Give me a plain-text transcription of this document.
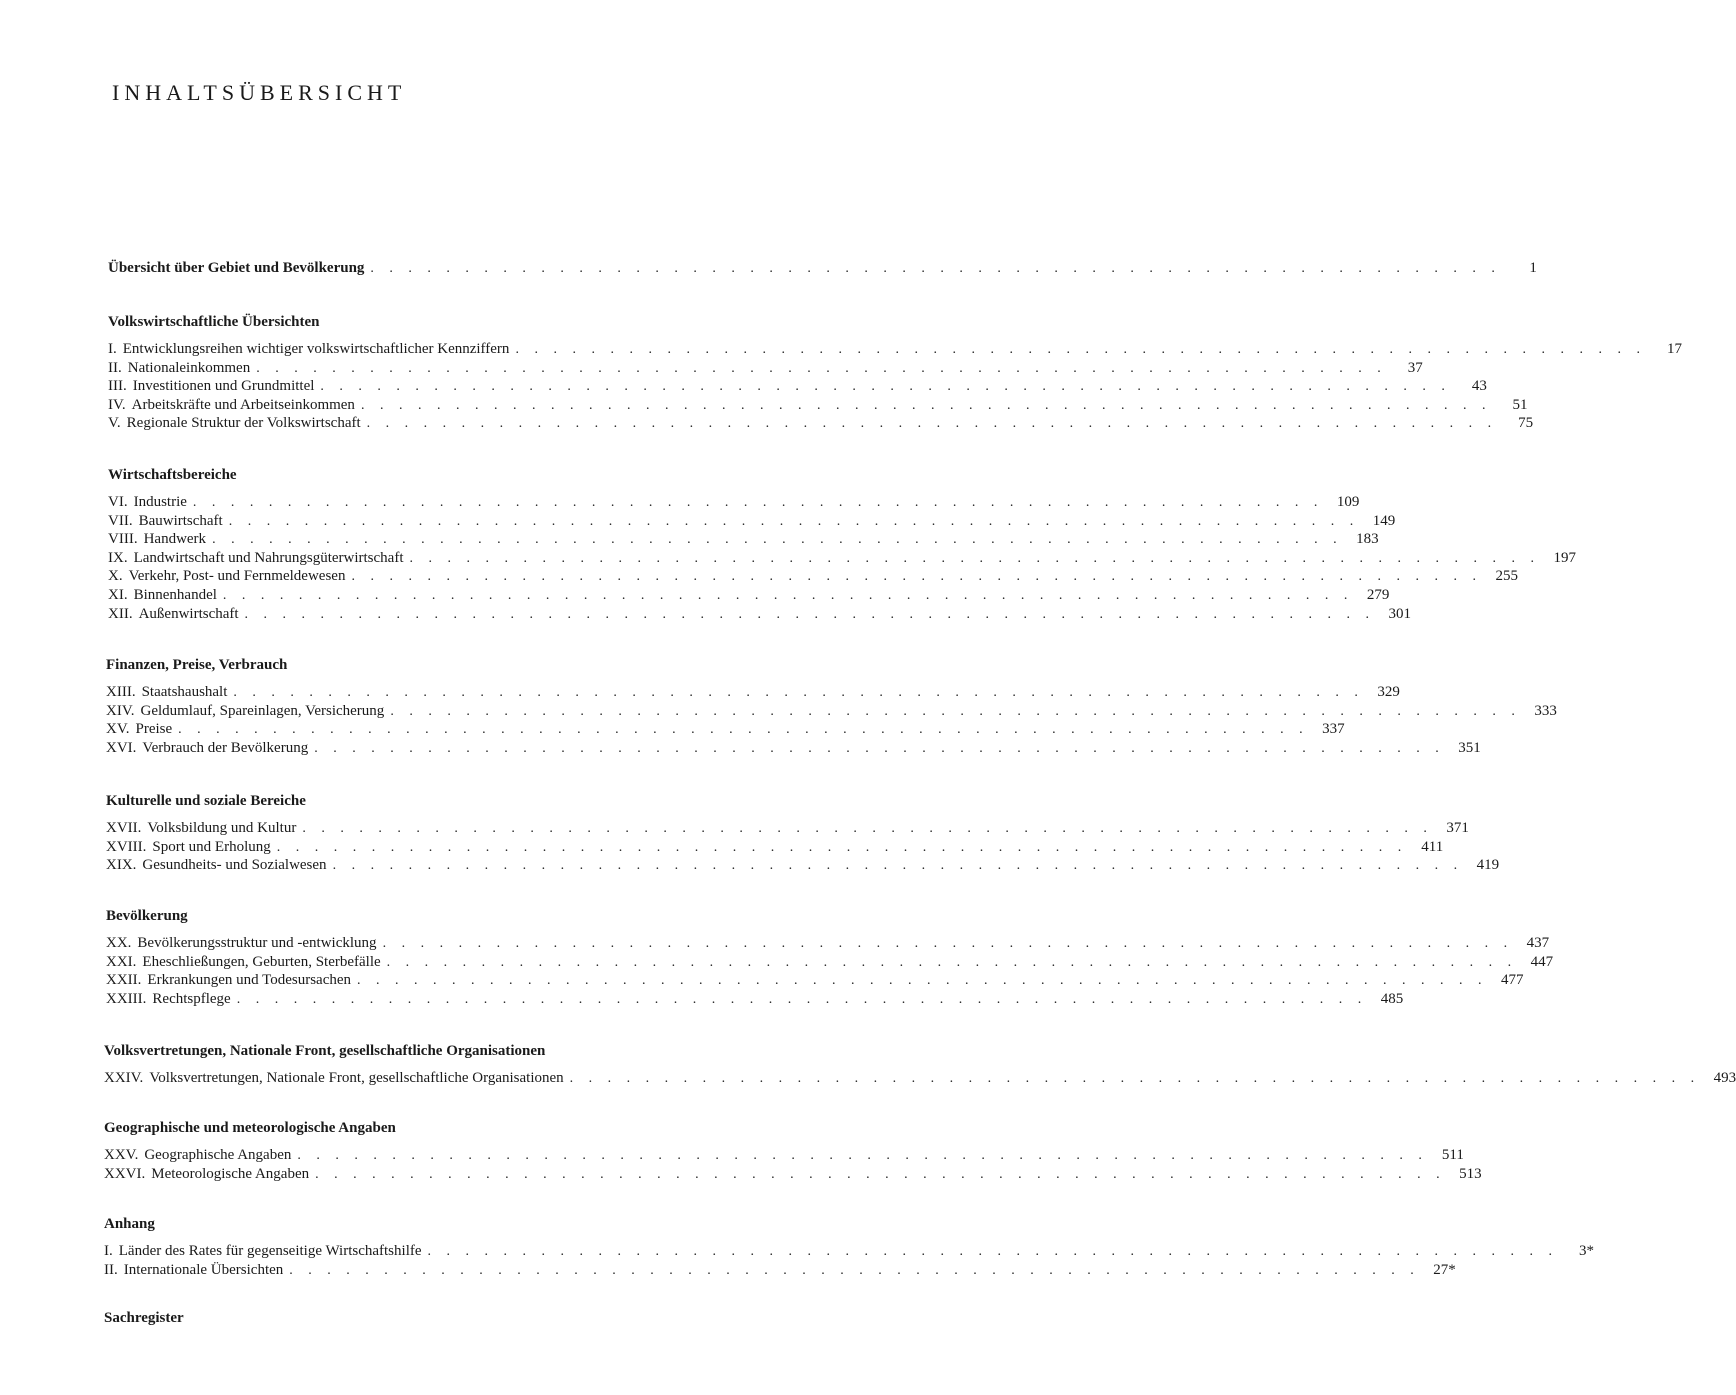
INHALTSÜBERSICHT
Übersicht über Gebiet und Bevölkerung . . . . . . . . . . . . . . . . . . . . . . . . . . . . . . . . . . . . . . . . . . . . . . . . . . . . . . . . . . . .	1
Volkswirtschaftliche Übersichten
I. Entwicklungsreihen wichtiger volkswirtschaftlicher Kennziffern . . . . . . . . . . . . . . . . . . . . . . . . . . . . . . . . . . . . . . . . . . . . . . . . . . . . . . . . . . . .	17
II. Nationaleinkommen . . . . . . . . . . . . . . . . . . . . . . . . . . . . . . . . . . . . . . . . . . . . . . . . . . . . . . . . . . . .	37
III. Investitionen und Grundmittel . . . . . . . . . . . . . . . . . . . . . . . . . . . . . . . . . . . . . . . . . . . . . . . . . . . . . . . . . . . .	43
IV. Arbeitskräfte und Arbeitseinkommen . . . . . . . . . . . . . . . . . . . . . . . . . . . . . . . . . . . . . . . . . . . . . . . . . . . . . . . . . . . .	51
V. Regionale Struktur der Volkswirtschaft . . . . . . . . . . . . . . . . . . . . . . . . . . . . . . . . . . . . . . . . . . . . . . . . . . . . . . . . . . . .	75
Wirtschaftsbereiche
VI. Industrie . . . . . . . . . . . . . . . . . . . . . . . . . . . . . . . . . . . . . . . . . . . . . . . . . . . . . . . . . . . . 109
VII. Bauwirtschaft . . . . . . . . . . . . . . . . . . . . . . . . . . . . . . . . . . . . . . . . . . . . . . . . . . . . . . . . . . . . 149
VIII. Handwerk . . . . . . . . . . . . . . . . . . . . . . . . . . . . . . . . . . . . . . . . . . . . . . . . . . . . . . . . . . . . 183
IX. Landwirtschaft und Nahrungsgüterwirtschaft . . . . . . . . . . . . . . . . . . . . . . . . . . . . . . . . . . . . . . . . . . . . . . . . . . . . . . . . . . . . 197
X. Verkehr, Post- und Fernmeldewesen . . . . . . . . . . . . . . . . . . . . . . . . . . . . . . . . . . . . . . . . . . . . . . . . . . . . . . . . . . . . 255
XI. Binnenhandel . . . . . . . . . . . . . . . . . . . . . . . . . . . . . . . . . . . . . . . . . . . . . . . . . . . . . . . . . . . . 279
XII. Außenwirtschaft . . . . . . . . . . . . . . . . . . . . . . . . . . . . . . . . . . . . . . . . . . . . . . . . . . . . . . . . . . . . 301
Finanzen, Preise, Verbrauch
XIII. Staatshaushalt . . . . . . . . . . . . . . . . . . . . . . . . . . . . . . . . . . . . . . . . . . . . . . . . . . . . . . . . . . . . 329
XIV. Geldumlauf, Spareinlagen, Versicherung . . . . . . . . . . . . . . . . . . . . . . . . . . . . . . . . . . . . . . . . . . . . . . . . . . . . . . . . . . . . 333
XV. Preise . . . . . . . . . . . . . . . . . . . . . . . . . . . . . . . . . . . . . . . . . . . . . . . . . . . . . . . . . . . . 337
XVI. Verbrauch der Bevölkerung . . . . . . . . . . . . . . . . . . . . . . . . . . . . . . . . . . . . . . . . . . . . . . . . . . . . . . . . . . . . 351
Kulturelle und soziale Bereiche
XVII. Volksbildung und Kultur . . . . . . . . . . . . . . . . . . . . . . . . . . . . . . . . . . . . . . . . . . . . . . . . . . . . . . . . . . . . 371
XVIII. Sport und Erholung . . . . . . . . . . . . . . . . . . . . . . . . . . . . . . . . . . . . . . . . . . . . . . . . . . . . . . . . . . . . 411
XIX. Gesundheits- und Sozialwesen . . . . . . . . . . . . . . . . . . . . . . . . . . . . . . . . . . . . . . . . . . . . . . . . . . . . . . . . . . . . 419
Bevölkerung
XX. Bevölkerungsstruktur und -entwicklung . . . . . . . . . . . . . . . . . . . . . . . . . . . . . . . . . . . . . . . . . . . . . . . . . . . . . . . . . . . . 437
XXI. Eheschließungen, Geburten, Sterbefälle . . . . . . . . . . . . . . . . . . . . . . . . . . . . . . . . . . . . . . . . . . . . . . . . . . . . . . . . . . . . 447
XXII. Erkrankungen und Todesursachen . . . . . . . . . . . . . . . . . . . . . . . . . . . . . . . . . . . . . . . . . . . . . . . . . . . . . . . . . . . . 477
XXIII. Rechtspflege . . . . . . . . . . . . . . . . . . . . . . . . . . . . . . . . . . . . . . . . . . . . . . . . . . . . . . . . . . . . 485
Volksvertretungen, Nationale Front, gesellschaftliche Organisationen
XXIV. Volksvertretungen, Nationale Front, gesellschaftliche Organisationen . . . . . . . . . . . . . . . . . . . . . . . . . . . . . . . . . . . . . . . . . . . . . . . . . . . . . . . . . . . . 493
Geographische und meteorologische Angaben
XXV. Geographische Angaben . . . . . . . . . . . . . . . . . . . . . . . . . . . . . . . . . . . . . . . . . . . . . . . . . . . . . . . . . . . . 511
XXVI. Meteorologische Angaben . . . . . . . . . . . . . . . . . . . . . . . . . . . . . . . . . . . . . . . . . . . . . . . . . . . . . . . . . . . . 513
Anhang
I. Länder des Rates für gegenseitige Wirtschaftshilfe . . . . . . . . . . . . . . . . . . . . . . . . . . . . . . . . . . . . . . . . . . . . . . . . . . . . . . . . . . . .	3*
II. Internationale Übersichten . . . . . . . . . . . . . . . . . . . . . . . . . . . . . . . . . . . . . . . . . . . . . . . . . . . . . . . . . . . . 27*
Sachregister
